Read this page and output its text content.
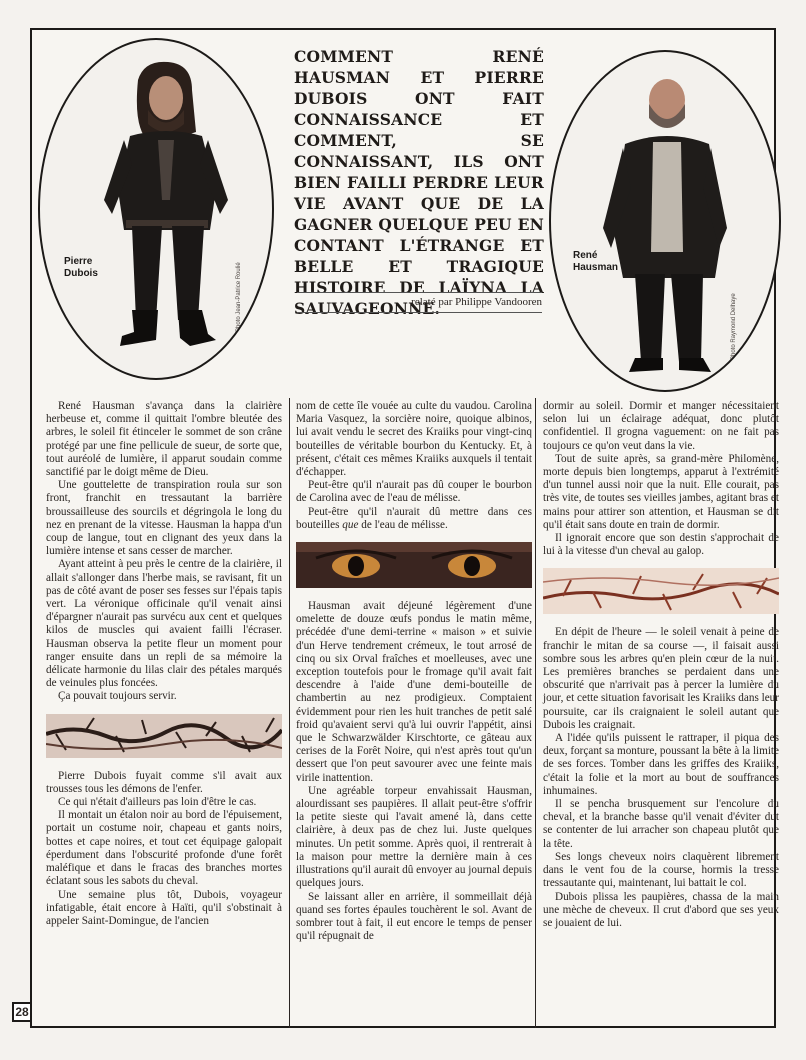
Pierre
Dubois	Photo Jean-Patrice Roulié
COMMENT RENÉ HAUSMAN ET PIERRE DUBOIS ONT FAIT CONNAISSANCE ET COMMENT, SE CONNAISSANT, ILS ONT BIEN FAILLI PERDRE LEUR VIE AVANT QUE DE LA GAGNER QUELQUE PEU EN CONTANT L'ÉTRANGE ET BELLE ET TRAGIQUE HISTOIRE DE LAÏYNA LA SAUVAGEONNE.
relaté par Philippe Vandooren
René
Hausman
Photo Raymond Delhaye

René Hausman s'avança dans la clairière herbeuse et, comme il quittait l'ombre bleutée des arbres, le soleil fit étinceler le sommet de son crâne protégé par une fine pellicule de sueur, de sorte que, tout auréolé de lumière, il apparut soudain comme sanctifié par le doigt même de Dieu.

Une gouttelette de transpiration roula sur son front, franchit en tressautant la barrière broussailleuse des sourcils et dégringola le long du nez en prenant de la vitesse. Hausman la happa d'un coup de langue, tout en clignant des yeux dans la lumière intense et sans cesser de marcher.

Ayant atteint à peu près le centre de la clairière, il allait s'allonger dans l'herbe mais, se ravisant, fit un pas de côté avant de poser ses fesses sur l'épais tapis vert. La véronique officinale qu'il venait ainsi d'épargner n'aurait pas survécu aux cent et quelques kilos de muscles qui avaient failli l'écraser. Hausman observa la petite fleur un moment pour ranger ensuite dans un repli de sa mémoire la délicate harmonie du lilas clair des pétales marqués de veinules plus foncées.

Ça pouvait toujours servir.

Pierre Dubois fuyait comme s'il avait aux trousses tous les démons de l'enfer.

Ce qui n'était d'ailleurs pas loin d'être le cas.

Il montait un étalon noir au bord de l'épuisement, portait un costume noir, chapeau et gants noirs, bottes et cape noires, et tout cet équipage galopait éperdument dans l'obscurité profonde d'une forêt maléfique et dans le fracas des branches mortes éclatant sous les sabots du cheval.

Une semaine plus tôt, Dubois, voyageur infatigable, était encore à Haïti, qu'il s'obstinait à appeler Saint-Domingue, de l'ancien

nom de cette île vouée au culte du vaudou. Carolina Maria Vasquez, la sorcière noire, quoique albinos, lui avait vendu le secret des Kraiiks pour vingt-cinq bouteilles de véritable bourbon du Kentucky. Et, à présent, c'était ces mêmes Kraiiks auxquels il tentait d'échapper.

Peut-être qu'il n'aurait pas dû couper le bourbon de Carolina avec de l'eau de mélisse.

Peut-être qu'il n'aurait dû mettre dans ces bouteilles que de l'eau de mélisse.

Hausman avait déjeuné légèrement d'une omelette de douze œufs pondus le matin même, précédée d'une demi-terrine « maison » et suivie d'un Herve tendrement crémeux, le tout arrosé de cinq ou six Orval fraîches et moelleuses, avec une exception toutefois pour le fromage qu'il avait fait descendre à l'aide d'une demi-bouteille de chambertin au nez prodigieux. Comptaient évidemment pour rien les huit tranches de petit salé froid qu'avaient servi qu'à lui ouvrir l'appétit, ainsi que le Schwarzwälder Kirschtorte, ce gâteau aux cerises de la Forêt Noire, qui n'est après tout qu'un dessert que l'on peut savourer avec une feinte mais virile inattention.

Une agréable torpeur envahissait Hausman, alourdissant ses paupières. Il allait peut-être s'offrir la petite sieste qui l'avait amené là, dans cette clairière, à deux pas de chez lui. Juste quelques minutes. Un petit somme. Après quoi, il rentrerait à la maison pour mettre la dernière main à ces illustrations qu'il aurait dû envoyer au journal depuis quelques jours.

Se laissant aller en arrière, il sommeillait déjà quand ses fortes épaules touchèrent le sol. Avant de sombrer tout à fait, il eut encore le temps de penser qu'il répugnait de

dormir au soleil. Dormir et manger nécessitaient selon lui un éclairage adéquat, donc plutôt confidentiel. Il grogna vaguement: on ne fait pas toujours ce qu'on veut dans la vie.

Tout de suite après, sa grand-mère Philomène, morte depuis bien longtemps, apparut à l'extrémité d'un tunnel aussi noir que la nuit. Elle courait, pas très vite, de toutes ses vieilles jambes, agitant bras et mains pour attirer son attention, et Hausman se dit qu'il était sans doute en train de dormir.

Il ignorait encore que son destin s'approchait de lui à la vitesse d'un cheval au galop.

En dépit de l'heure — le soleil venait à peine de franchir le mitan de sa course —, il faisait aussi sombre sous les arbres qu'en plein cœur de la nuit. Les premières branches se perdaient dans une obscurité que n'arrivait pas à percer la lumière du jour, et cette situation favorisait les Kraiiks dans leur poursuite, car ils craignaient le soleil autant que Dubois les craignait.

A l'idée qu'ils puissent le rattraper, il piqua des deux, forçant sa monture, poussant la bête à la limite de ses forces. Tomber dans les griffes des Kraiiks, c'était la folie et la mort au bout de souffrances inhumaines.

Il se pencha brusquement sur l'encolure du cheval, et la branche basse qu'il venait d'éviter dut se contenter de lui arracher son chapeau plutôt que la tête.

Ses longs cheveux noirs claquèrent librement dans le vent fou de la course, hormis la tresse tressautante qui, maintenant, lui battait le col.

Dubois plissa les paupières, chassa de la main une mèche de cheveux. Il crut d'abord que ses yeux se jouaient de lui.

28
